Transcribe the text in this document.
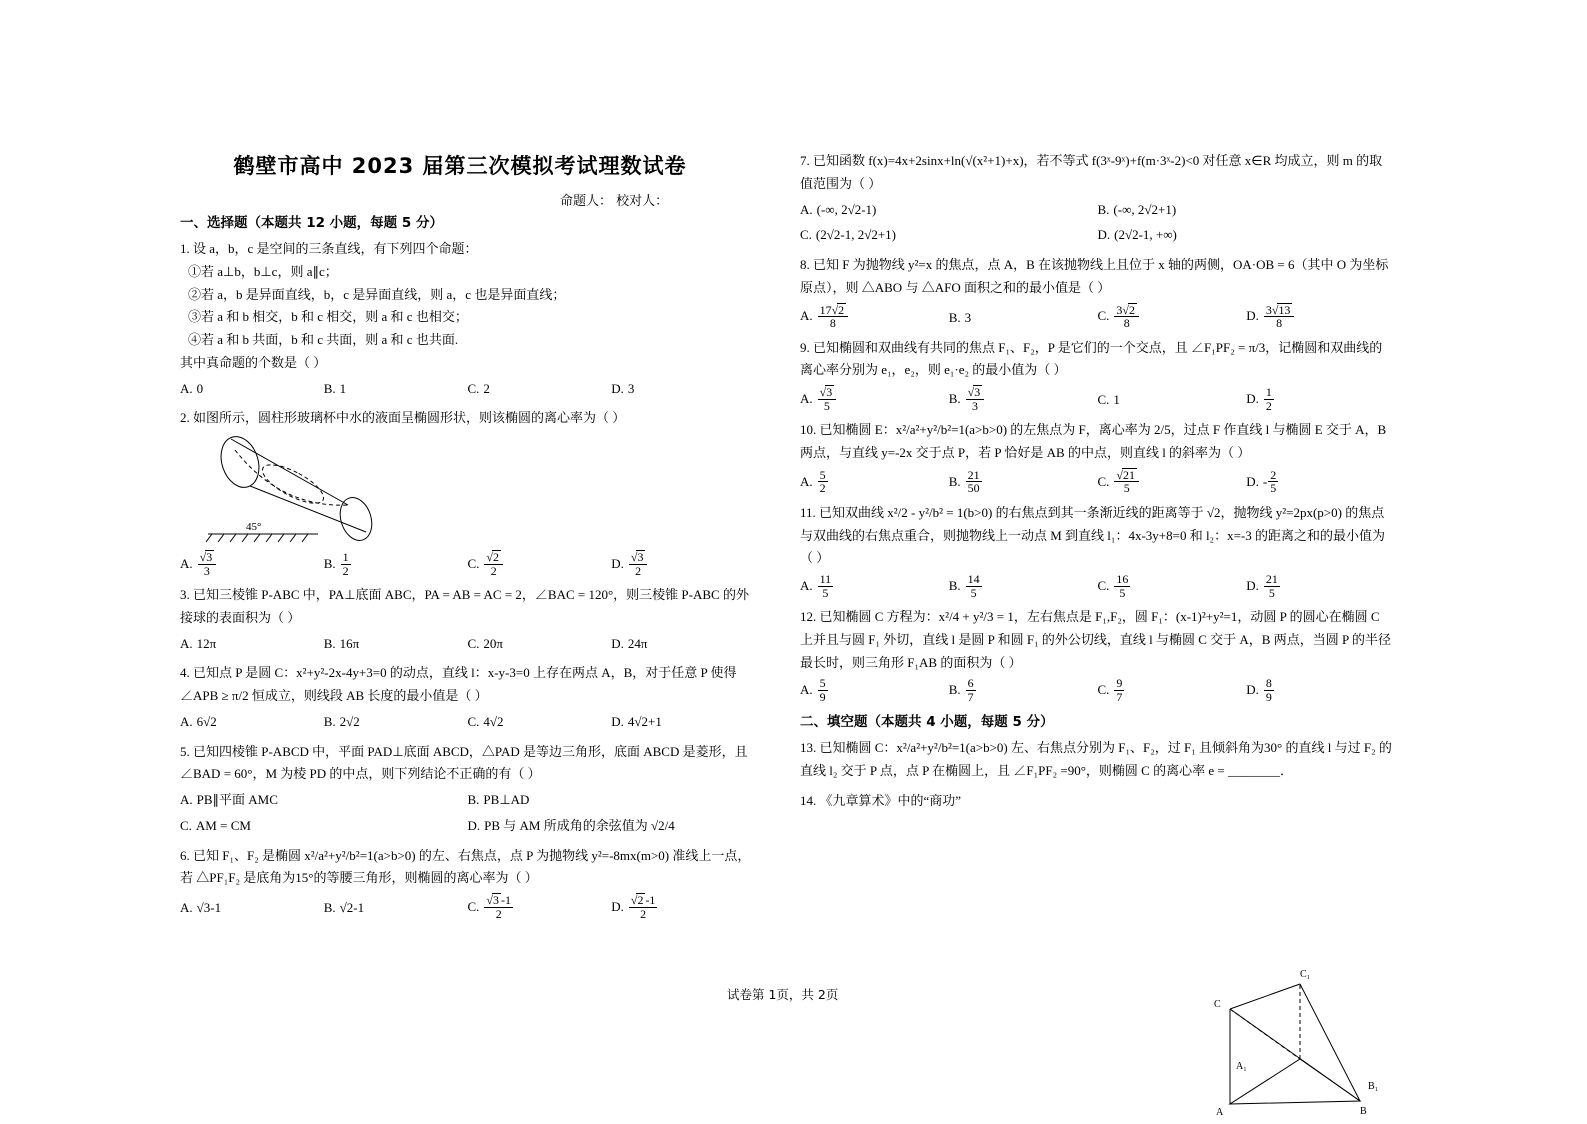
鹤壁市高中 2023 届第三次模拟考试理数试卷
命题人： 校对人：
一、选择题（本题共 12 小题，每题 5 分）
1. 设 a，b，c 是空间的三条直线，有下列四个命题：
①若 a⊥b，b⊥c，则 a∥c；
②若 a，b 是异面直线，b，c 是异面直线，则 a，c 也是异面直线；
③若 a 和 b 相交，b 和 c 相交，则 a 和 c 也相交；
④若 a 和 b 共面，b 和 c 共面，则 a 和 c 也共面.
其中真命题的个数是（ ）
A. 0	B. 1	C. 2	D. 3
2. 如图所示，圆柱形玻璃杯中水的液面呈椭圆形状，则该椭圆的离心率为（ ）
45°
A. √ $\frac{3}{3}$	B. $\frac{1}{2}$	C. √ $\frac{2}{2}$	D. √ $\frac{3}{2}$
3. 已知三棱锥 P-ABC 中，PA⊥底面 ABC，PA = AB = AC = 2，∠BAC = 120°，则三棱锥 P-ABC 的外接球的表面积为（ ）
A. 12π	B. 16π	C. 20π	D. 24π
4. 已知点 P 是圆 C：x²+y²-2x-4y+3=0 的动点，直线 l：x-y-3=0 上存在两点 A，B，对于任意 P 使得 ∠APB ≥ π/2 恒成立，则线段 AB 长度的最小值是（ ）
A. 6√2	B. 2√2	C. 4√2	D. 4√2+1
5. 已知四棱锥 P-ABCD 中，平面 PAD⊥底面 ABCD，△PAD 是等边三角形，底面 ABCD 是菱形，且 ∠BAD = 60°，M 为棱 PD 的中点，则下列结论不正确的有（ ）
A. PB∥平面 AMC	B. PB⊥AD
C. AM = CM	D. PB 与 AM 所成角的余弦值为 √2/4
6. 已知 F₁、F₂ 是椭圆 x²/a²+y²/b²=1(a>b>0) 的左、右焦点，点 P 为抛物线 y²=-8mx(m>0) 准线上一点，若 △PF₁F₂ 是底角为15°的等腰三角形，则椭圆的离心率为（ ）
A. √3-1	B. √2-1	C. √ $\frac{3 -1}{2}$	D. √ $\frac{2 -1}{2}$
7. 已知函数 f(x)=4x+2sinx+ln(√(x²+1)+x)，若不等式 f(3ˣ-9ˣ)+f(m·3ˣ-2)<0 对任意 x∈R 均成立，则 m 的取值范围为（ ）
A. (-∞, 2√2-1)	B. (-∞, 2√2+1)
C. (2√2-1, 2√2+1)	D. (2√2-1, +∞)
8. 已知 F 为抛物线 y²=x 的焦点，点 A，B 在该抛物线上且位于 x 轴的两侧，OA·OB = 6（其中 O 为坐标原点），则 △ABO 与 △AFO 面积之和的最小值是（ ）
A. $\frac{17 √ 2}{8}$	B. 3	C. $\frac{3 √ 2}{8}$	D. $\frac{3 √ 13}{8}$
9. 已知椭圆和双曲线有共同的焦点 F₁、F₂，P 是它们的一个交点，且 ∠F₁PF₂ = π/3，记椭圆和双曲线的离心率分别为 e₁，e₂，则 e₁·e₂ 的最小值为（ ）
A. √ $\frac{3}{5}$	B. √ $\frac{3}{3}$	C. 1	D. $\frac{1}{2}$
10. 已知椭圆 E：x²/a²+y²/b²=1(a>b>0) 的左焦点为 F，离心率为 2/5，过点 F 作直线 l 与椭圆 E 交于 A，B 两点，与直线 y=-2x 交于点 P，若 P 恰好是 AB 的中点，则直线 l 的斜率为（ ）
A. $\frac{5}{2}$	B. $\frac{21}{50}$	C. √ $\frac{21}{5}$	D. - $\frac{2}{5}$
11. 已知双曲线 x²/2 - y²/b² = 1(b>0) 的右焦点到其一条渐近线的距离等于 √2，抛物线 y²=2px(p>0) 的焦点与双曲线的右焦点重合，则抛物线上一动点 M 到直线 l₁：4x-3y+8=0 和 l₂：x=-3 的距离之和的最小值为（ ）
A. $\frac{11}{5}$	B. $\frac{14}{5}$	C. $\frac{16}{5}$	D. $\frac{21}{5}$
12. 已知椭圆 C 方程为：x²/4 + y²/3 = 1，左右焦点是 F₁,F₂，圆 F₁：(x-1)²+y²=1，动圆 P 的圆心在椭圆 C 上并且与圆 F₁ 外切，直线 l 是圆 P 和圆 F₁ 的外公切线，直线 l 与椭圆 C 交于 A，B 两点，当圆 P 的半径最长时，则三角形 F₁AB 的面积为（ ）
A. $\frac{5}{9}$	B. $\frac{6}{7}$	C. $\frac{9}{7}$	D. $\frac{8}{9}$
二、填空题（本题共 4 小题，每题 5 分）
13. 已知椭圆 C：x²/a²+y²/b²=1(a>b>0) 左、右焦点分别为 F₁、F₂，过 F₁ 且倾斜角为30° 的直线 l 与过 F₂ 的直线 l₂ 交于 P 点，点 P 在椭圆上，且 ∠F₁PF₂ =90°，则椭圆 C 的离心率 e = ________．
14. 《九章算术》中的“商功”
A	B
C
A₁
B₁
C₁
试卷第 1页，共 2页
